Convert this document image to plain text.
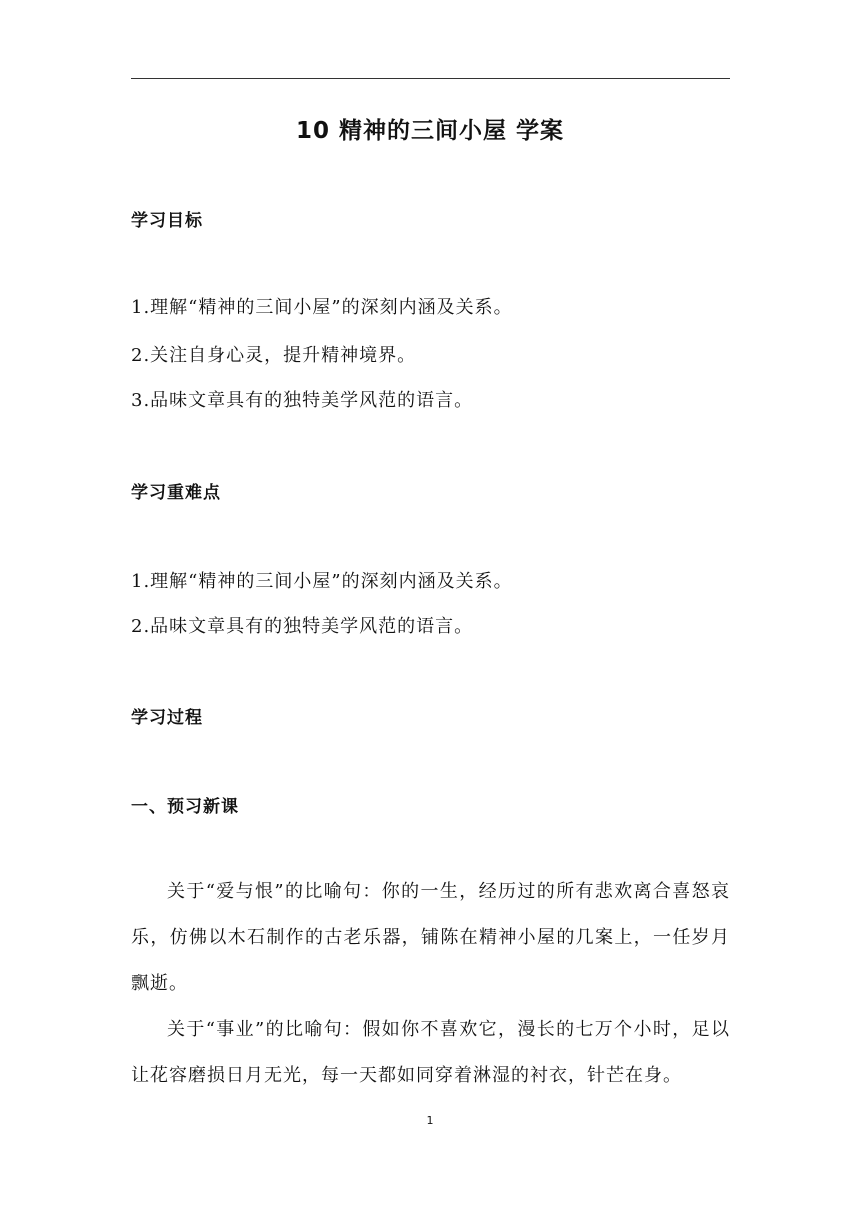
10 精神的三间小屋 学案
学习目标
1.理解“精神的三间小屋”的深刻内涵及关系。
2.关注自身心灵，提升精神境界。
3.品味文章具有的独特美学风范的语言。
学习重难点
1.理解“精神的三间小屋”的深刻内涵及关系。
2.品味文章具有的独特美学风范的语言。
学习过程
一、预习新课
关于“爱与恨”的比喻句：你的一生，经历过的所有悲欢离合喜怒哀乐，仿佛以木石制作的古老乐器，铺陈在精神小屋的几案上，一任岁月飘逝。
关于“事业”的比喻句：假如你不喜欢它，漫长的七万个小时，足以让花容磨损日月无光，每一天都如同穿着淋湿的衬衣，针芒在身。
1
